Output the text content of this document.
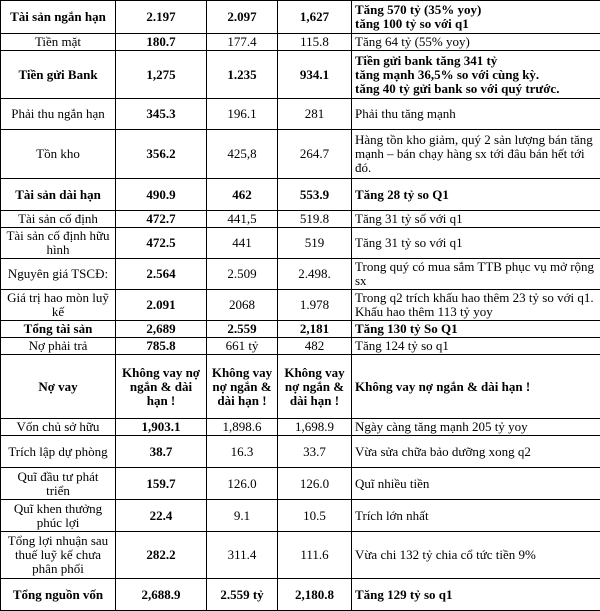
Tài sản ngắn hạn	2.197	2.097	1,627	Tăng 570 tỷ (35% yoy)
tăng 100 tỷ so với q1
Tiền mặt	180.7	177.4	115.8	Tăng 64 tỷ (55% yoy)
Tiền gửi Bank	1,275	1.235	934.1	Tiền gửi bank tăng 341 tỷ
tăng mạnh 36,5% so với cùng kỳ.
tăng 40 tỷ gửi bank so với quý trước.
Phải thu ngắn hạn	345.3	196.1	281	Phải thu tăng mạnh
Tồn kho	356.2	425,8	264.7	Hàng tồn kho giảm, quý 2 sản lượng bán tăng mạnh – bán chạy hàng sx tới đâu bán hết tới đó.
Tài sản dài hạn	490.9	462	553.9	Tăng 28 tỷ so Q1
Tài sản cố định	472.7	441,5	519.8	Tăng 31 tỷ số với q1
Tài sản cố định hữu hình	472.5	441	519	Tăng 31 tỷ so với q1
Nguyên giá TSCĐ:	2.564	2.509	2.498.	Trong quý có mua sắm TTB phục vụ mở rộng sx
Giá trị hao mòn luỹ kế	2.091	2068	1.978	Trong q2 trích khấu hao thêm 23 tỷ so với q1. Khấu hao thêm 113 tỷ yoy
Tổng tài sản	2,689	2.559	2,181	Tăng 130 tỷ So Q1
Nợ phải trả	785.8	661 tỷ	482	Tăng 124 tỷ so q1
Nợ vay	Không vay nợ ngắn & dài hạn !	Không vay nợ ngắn & dài hạn !	Không vay nợ ngắn & dài hạn !	Không vay nợ ngắn & dài hạn !
Vốn chủ sở hữu	1,903.1	1,898.6	1,698.9	Ngày càng tăng mạnh 205 tỷ yoy
Trích lập dự phòng	38.7	16.3	33.7	Vừa sửa chữa bảo dưỡng xong q2
Quĩ đầu tư phát triển	159.7	126.0	126.0	Quĩ nhiều tiền
Quĩ khen thưởng phúc lợi	22.4	9.1	10.5	Trích lớn nhất
Tổng lợi nhuận sau thuế luỹ kế chưa phân phối	282.2	311.4	111.6	Vừa chi 132 tỷ chia cổ tức tiền 9%
Tổng nguồn vốn	2,688.9	2.559 tỷ	2,180.8	Tăng 129 tỷ so q1
